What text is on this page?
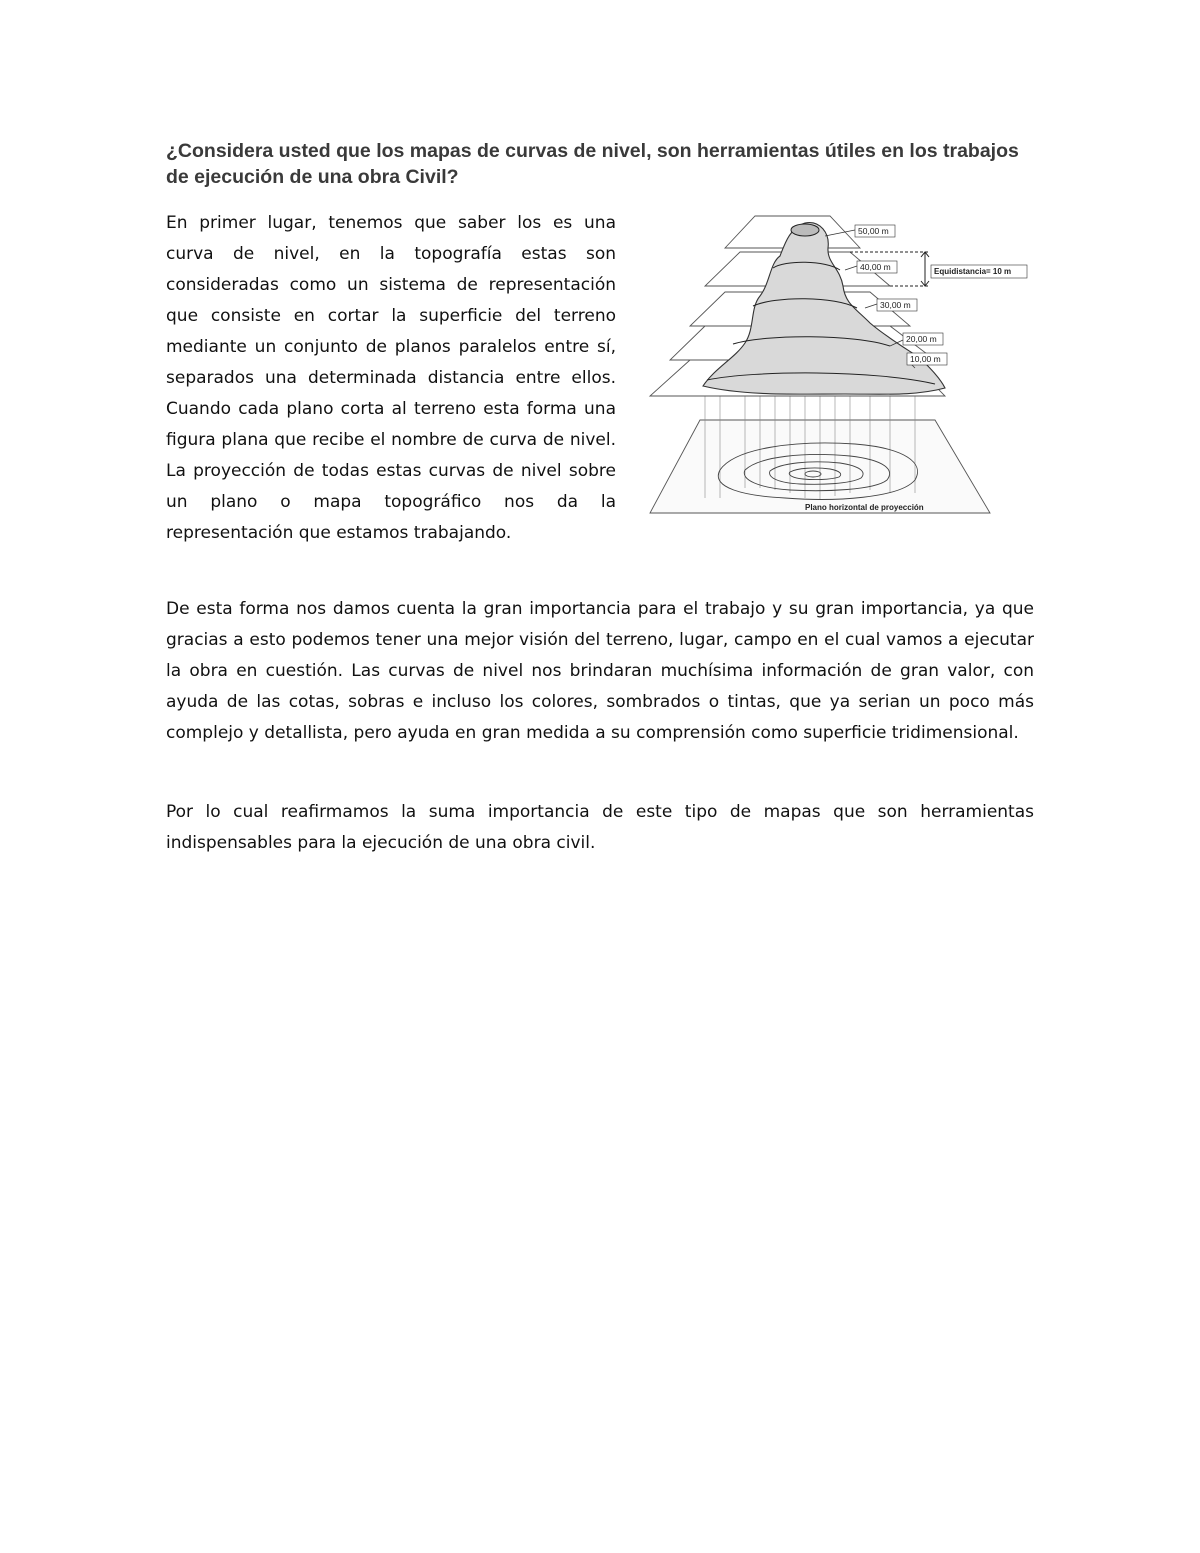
¿Considera usted que los mapas de curvas de nivel, son herramientas útiles en los trabajos de ejecución de una obra Civil?

En primer lugar, tenemos que saber los es una curva de nivel, en la topografía estas son consideradas como un sistema de representación que consiste en cortar la superficie del terreno mediante un conjunto de planos paralelos entre sí, separados una determinada distancia entre ellos. Cuando cada plano corta al terreno esta forma una figura plana que recibe el nombre de curva de nivel. La proyección de todas estas curvas de nivel sobre un plano o mapa topográfico nos da la representación que estamos trabajando.

50,00 m
40,00 m
30,00 m
20,00 m
10,00 m
Equidistancia= 10 m
Plano horizontal de proyección

De esta forma nos damos cuenta la gran importancia para el trabajo y su gran importancia, ya que gracias a esto podemos tener una mejor visión del terreno, lugar, campo en el cual vamos a ejecutar la obra en cuestión. Las curvas de nivel nos brindaran muchísima información de gran valor, con ayuda de las cotas, sobras e incluso los colores, sombrados o tintas, que ya serian un poco más complejo y detallista, pero ayuda en gran medida a su comprensión como superficie tridimensional.

Por lo cual reafirmamos la suma importancia de este tipo de mapas que son herramientas indispensables para la ejecución de una obra civil.
